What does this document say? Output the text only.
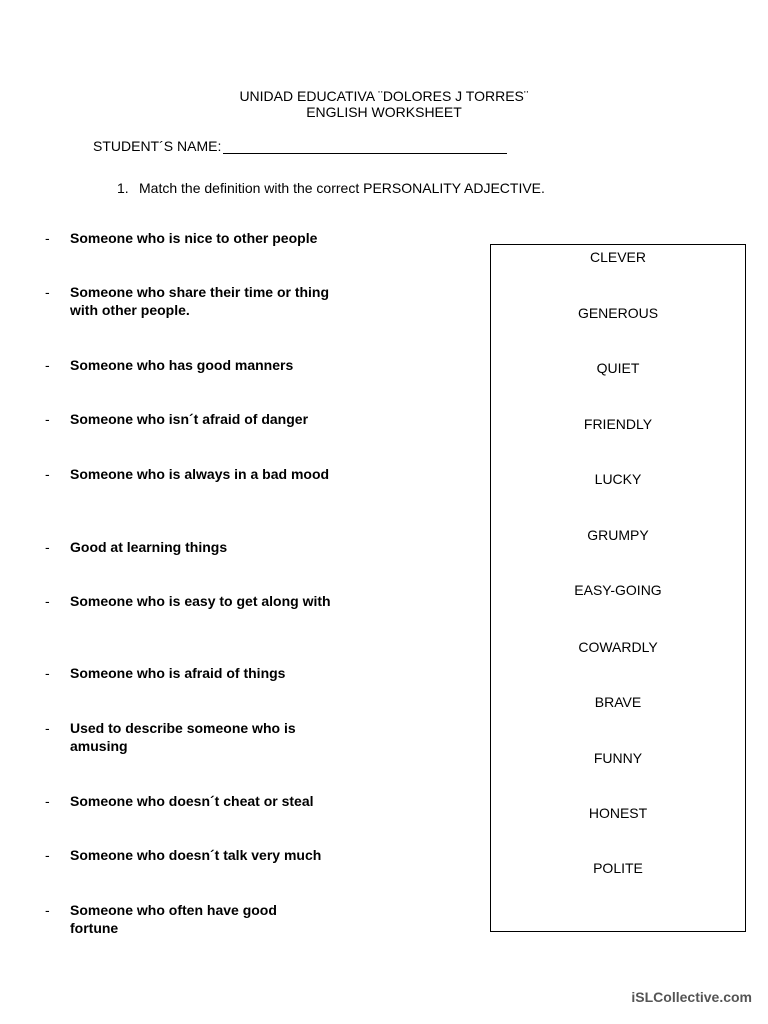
UNIDAD EDUCATIVA ¨DOLORES J TORRES¨
ENGLISH WORKSHEET
STUDENT´S NAME:
1. Match the definition with the correct PERSONALITY ADJECTIVE.
- Someone who is nice to other people
- Someone who share their time or thing with other people.
- Someone who has good manners
- Someone who isn´t afraid of danger
- Someone who is always in a bad mood
- Good at learning things
- Someone who is easy to get along with
- Someone who is afraid of things
- Used to describe someone who is amusing
- Someone who doesn´t cheat or steal
- Someone who doesn´t talk very much
- Someone who often have good fortune
CLEVER
GENEROUS
QUIET
FRIENDLY
LUCKY
GRUMPY
EASY-GOING
COWARDLY
BRAVE
FUNNY
HONEST
POLITE
iSLCollective.com
